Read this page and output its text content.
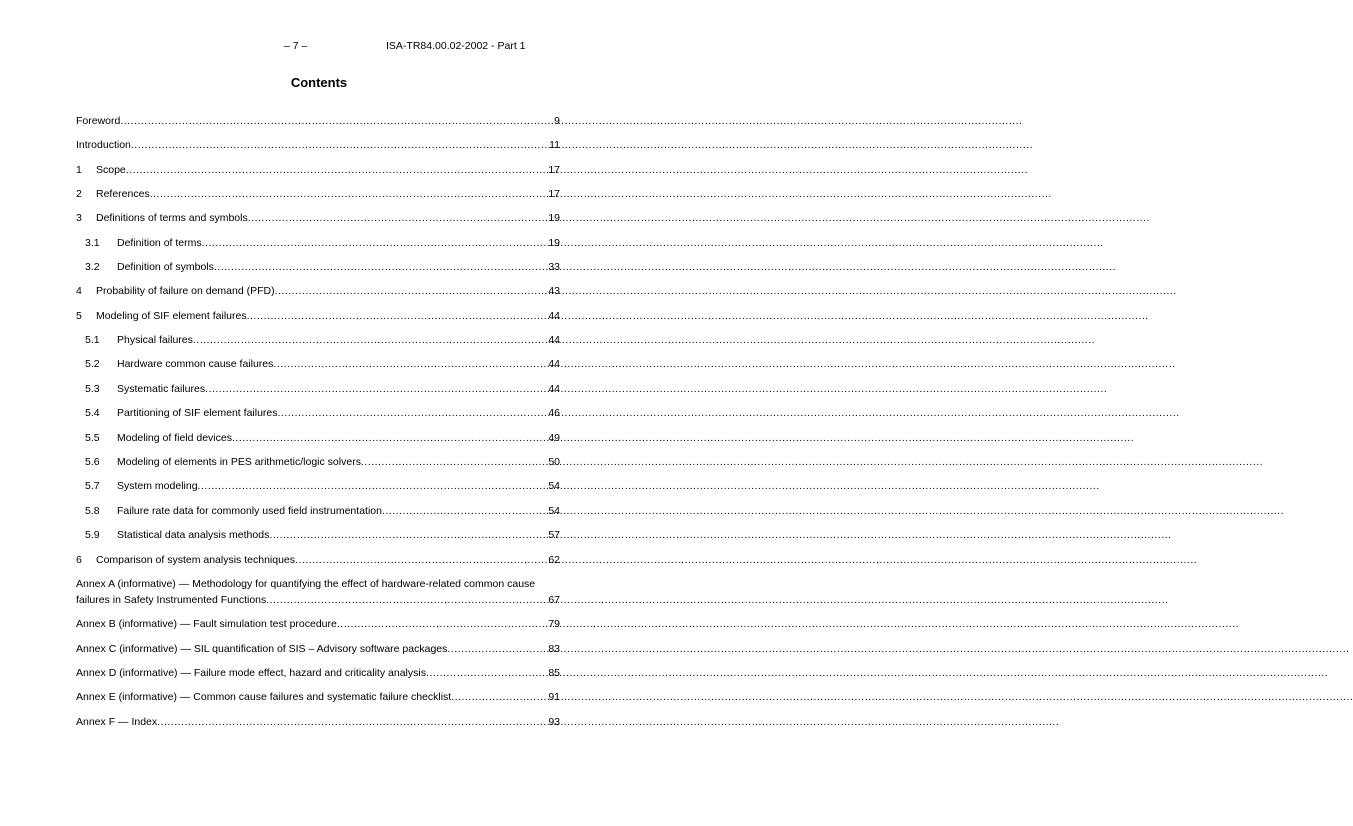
– 7 –	ISA-TR84.00.02-2002 - Part 1
Contents
Foreword .....	9
Introduction .....	11
1	Scope .....	17
2	References .....	17
3	Definitions of terms and symbols .....	19
3.1	Definition of terms .....	19
3.2	Definition of symbols .....	33
4	Probability of failure on demand (PFD) .....	43
5	Modeling of SIF element failures .....	44
5.1	Physical failures .....	44
5.2	Hardware common cause failures .....	44
5.3	Systematic failures .....	44
5.4	Partitioning of SIF element failures .....	46
5.5	Modeling of field devices .....	49
5.6	Modeling of elements in PES arithmetic/logic solvers .....	50
5.7	System modeling .....	54
5.8	Failure rate data for commonly used field instrumentation .....	54
5.9	Statistical data analysis methods .....	57
6	Comparison of system analysis techniques .....	62
Annex A (informative) — Methodology for quantifying the effect of hardware-related common cause
failures in Safety Instrumented Functions .....	67
Annex B (informative) — Fault simulation test procedure .....	79
Annex C (informative) — SIL quantification of SIS – Advisory software packages .....	83
Annex D (informative) — Failure mode effect, hazard and criticality analysis .....	85
Annex E (informative) — Common cause failures and systematic failure checklist .....	91
Annex F — Index .....	93
